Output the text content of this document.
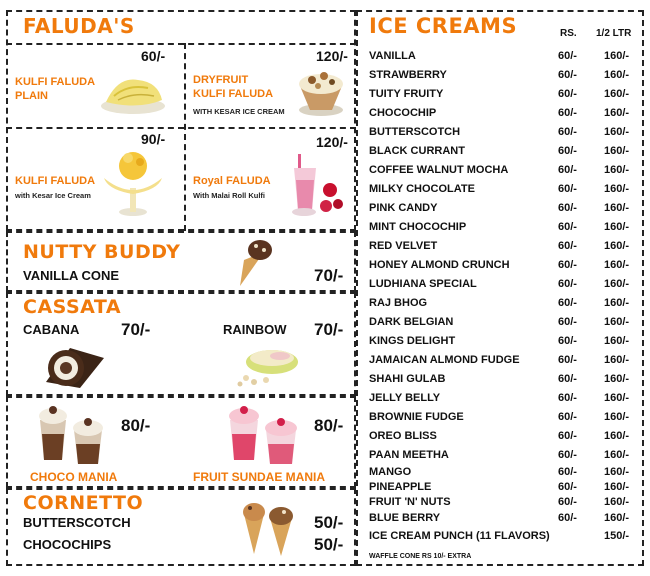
FALUDA'S
60/-
KULFI FALUDA
PLAIN
120/-
DRYFRUIT
KULFI FALUDA
WITH KESAR ICE CREAM
90/-
KULFI FALUDA
with Kesar Ice Cream
120/-
Royal FALUDA
With Malai Roll Kulfi
NUTTY BUDDY
VANILLA CONE	70/-
CASSATA
CABANA 70/-	RAINBOW 70/-
80/-	80/-
CHOCO MANIA	FRUIT SUNDAE MANIA
CORNETTO
BUTTERSCOTCH	50/-
CHOCOCHIPS	50/-
ICE CREAMS	RS. 1/2 LTR
VANILLA	60/- 160/-
STRAWBERRY	60/- 160/-
TUITY FRUITY	60/- 160/-
CHOCOCHIP	60/- 160/-
BUTTERSCOTCH	60/- 160/-
BLACK CURRANT	60/- 160/-
COFFEE WALNUT MOCHA	60/- 160/-
MILKY CHOCOLATE	60/- 160/-
PINK CANDY	60/- 160/-
MINT CHOCOCHIP	60/- 160/-
RED VELVET	60/- 160/-
HONEY ALMOND CRUNCH	60/- 160/-
LUDHIANA SPECIAL	60/- 160/-
RAJ BHOG	60/- 160/-
DARK BELGIAN	60/- 160/-
KINGS DELIGHT	60/- 160/-
JAMAICAN ALMOND FUDGE	60/- 160/-
SHAHI GULAB	60/- 160/-
JELLY BELLY	60/- 160/-
BROWNIE FUDGE	60/- 160/-
OREO BLISS	60/- 160/-
PAAN MEETHA	60/- 160/-
MANGO	60/- 160/-
PINEAPPLE	60/- 160/-
FRUIT 'N' NUTS	60/- 160/-
BLUE BERRY	60/- 160/-
ICE CREAM PUNCH (11 FLAVORS)	150/-
WAFFLE CONE RS 10/- EXTRA
